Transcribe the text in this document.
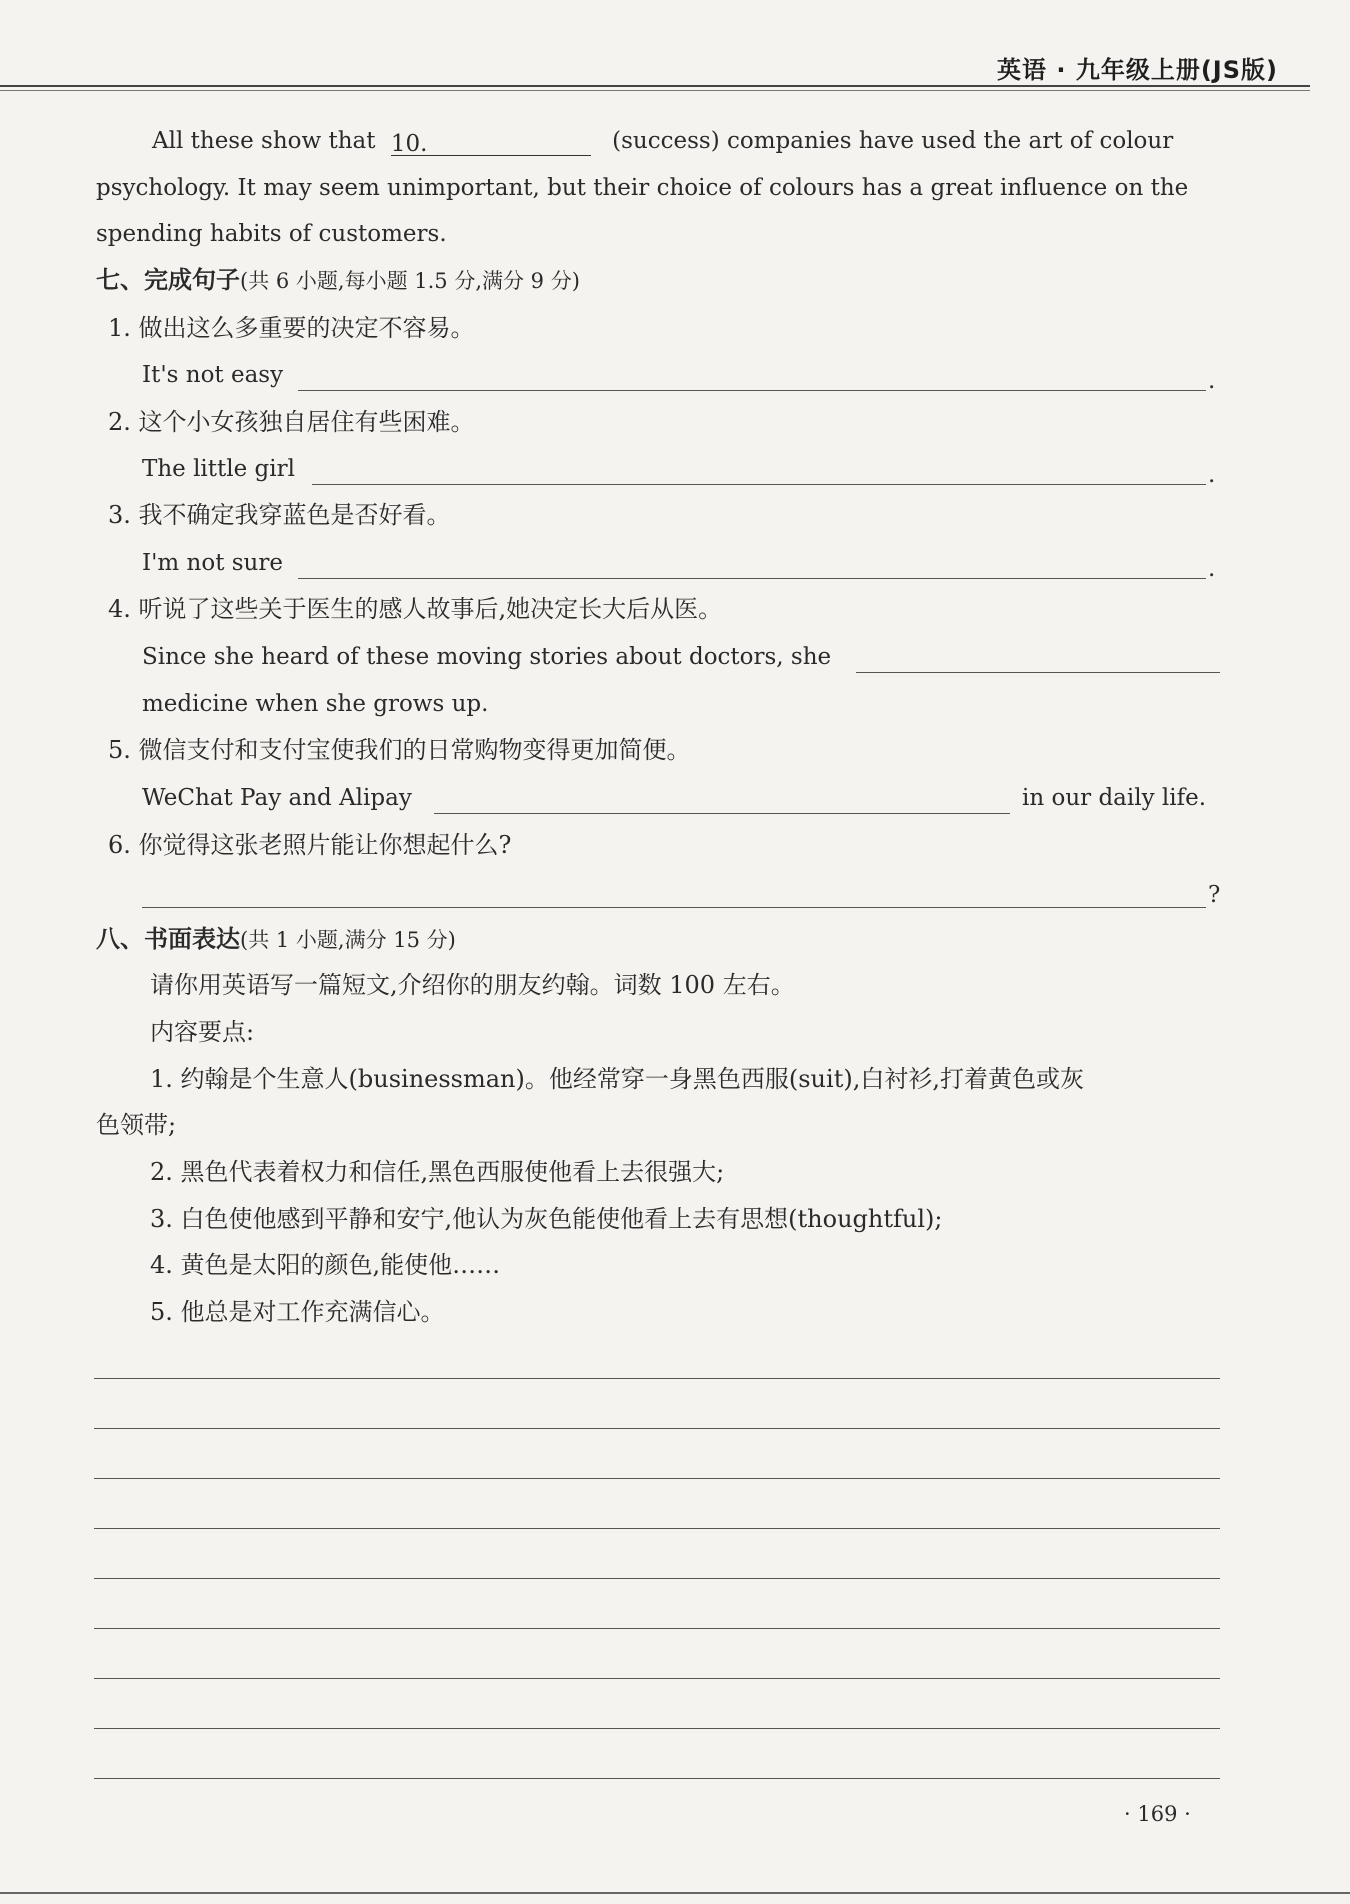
英语 · 九年级上册(JS版)
All these show that 10.	(success) companies have used the art of colour
psychology. It may seem unimportant, but their choice of colours has a great influence on the
spending habits of customers.
七、完成句子(共 6 小题,每小题 1.5 分,满分 9 分)
1. 做出这么多重要的决定不容易。
It's not easy	.
2. 这个小女孩独自居住有些困难。
The little girl	.
3. 我不确定我穿蓝色是否好看。
I'm not sure	.
4. 听说了这些关于医生的感人故事后,她决定长大后从医。
Since she heard of these moving stories about doctors, she
medicine when she grows up.
5. 微信支付和支付宝使我们的日常购物变得更加简便。
WeChat Pay and Alipay	in our daily life.
6. 你觉得这张老照片能让你想起什么?
?
八、书面表达(共 1 小题,满分 15 分)
请你用英语写一篇短文,介绍你的朋友约翰。词数 100 左右。
内容要点:
1. 约翰是个生意人(businessman)。他经常穿一身黑色西服(suit),白衬衫,打着黄色或灰
色领带;
2. 黑色代表着权力和信任,黑色西服使他看上去很强大;
3. 白色使他感到平静和安宁,他认为灰色能使他看上去有思想(thoughtful);
4. 黄色是太阳的颜色,能使他……
5. 他总是对工作充满信心。
· 169 ·
